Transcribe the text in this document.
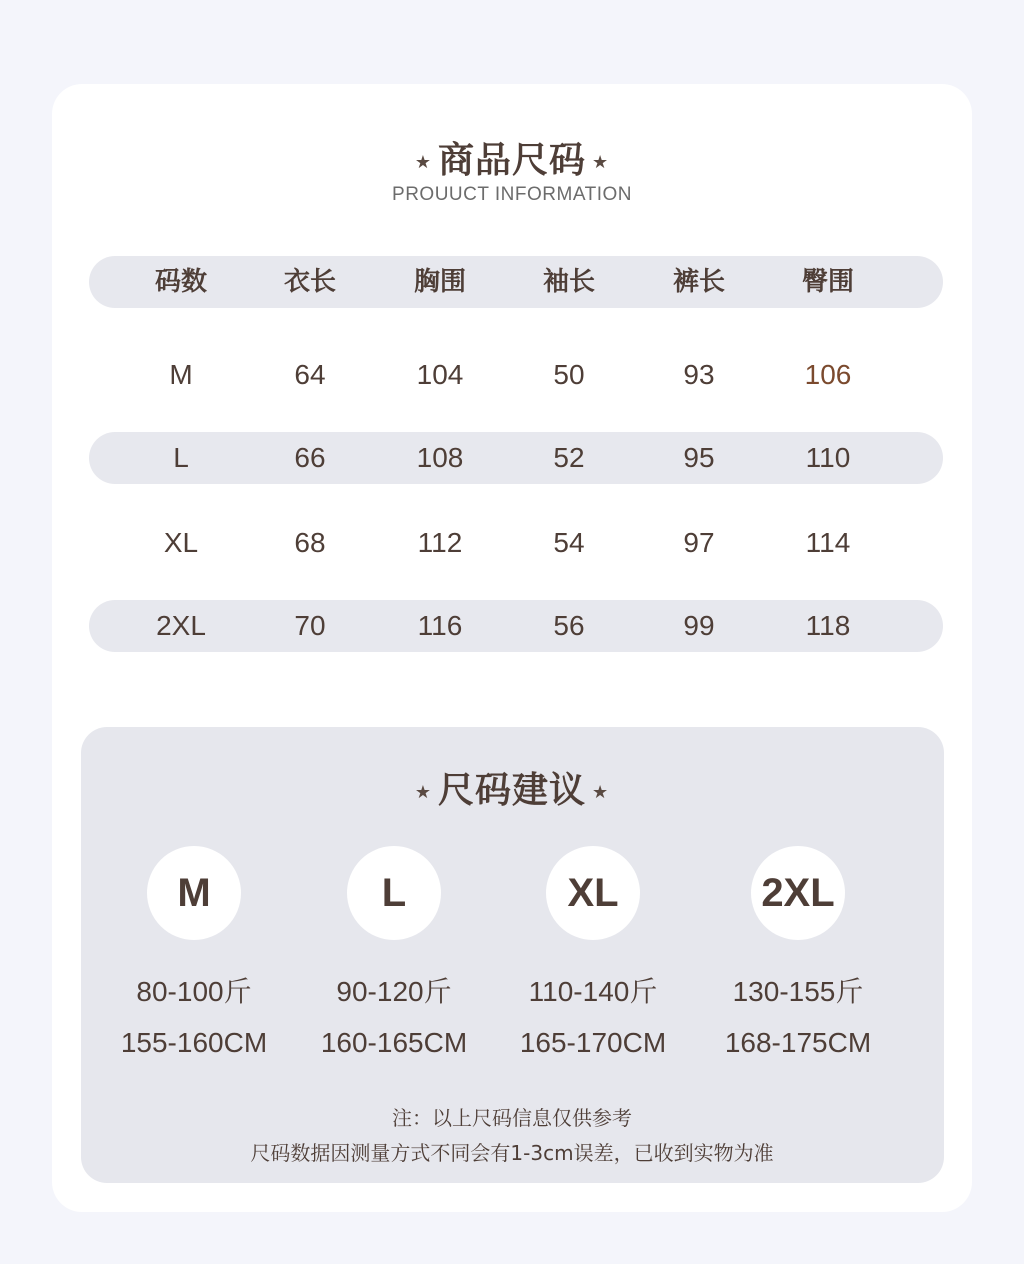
★ 商品尺码 ★
PROUUCT INFORMATION
码数	衣长	胸围	袖长	裤长	臀围
M	64	104	50	93	106
L	66	108	52	95	110
XL	68	112	54	97	114
2XL	70	116	56	99	118
★ 尺码建议 ★
M	L	XL	2XL
80-100斤	90-120斤	110-140斤	130-155斤
155-160CM	160-165CM	165-170CM	168-175CM
注：以上尺码信息仅供参考
尺码数据因测量方式不同会有1-3cm误差，已收到实物为准
